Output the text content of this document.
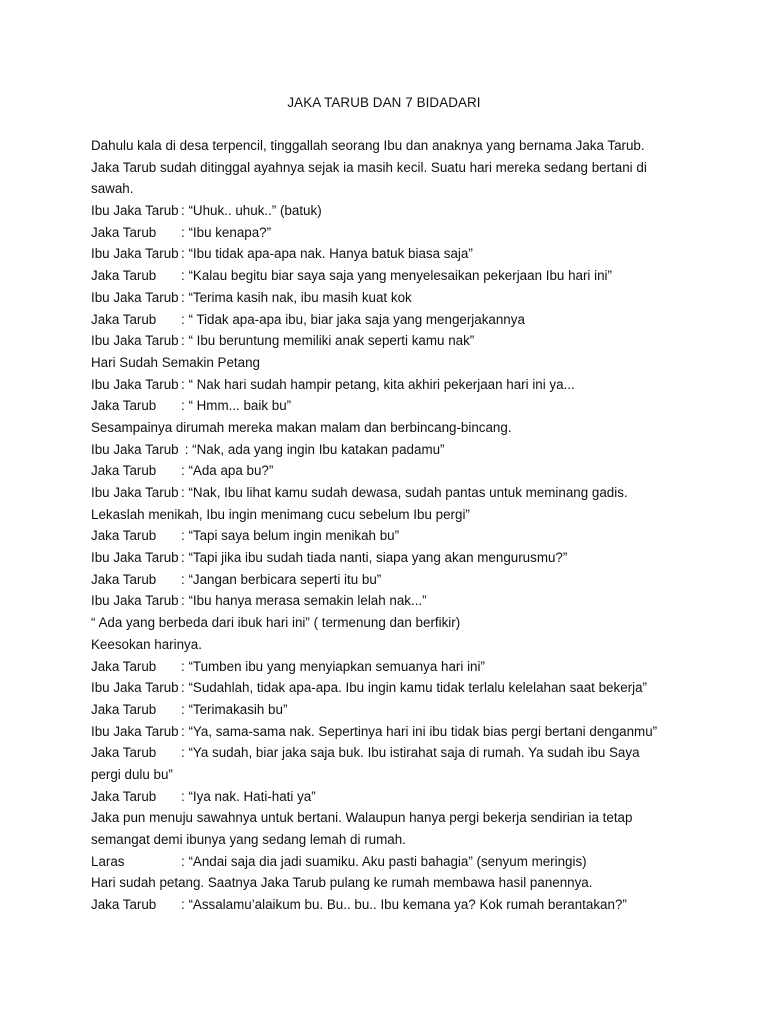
JAKA TARUB DAN 7 BIDADARI
Dahulu kala di desa terpencil, tinggallah seorang Ibu dan anaknya yang bernama Jaka Tarub.
Jaka Tarub sudah ditinggal ayahnya sejak ia masih kecil. Suatu hari mereka sedang bertani di
sawah.
Ibu Jaka Tarub : “Uhuk.. uhuk..” (batuk)
Jaka Tarub : “Ibu kenapa?”
Ibu Jaka Tarub : “Ibu tidak apa-apa nak. Hanya batuk biasa saja”
Jaka Tarub : “Kalau begitu biar saya saja yang menyelesaikan pekerjaan Ibu hari ini”
Ibu Jaka Tarub : “Terima kasih nak, ibu masih kuat kok
Jaka Tarub : “ Tidak apa-apa ibu, biar jaka saja yang mengerjakannya
Ibu Jaka Tarub : “ Ibu beruntung memiliki anak seperti kamu nak”
Hari Sudah Semakin Petang
Ibu Jaka Tarub : “ Nak hari sudah hampir petang, kita akhiri pekerjaan hari ini ya...
Jaka Tarub : “ Hmm... baik bu”
Sesampainya dirumah mereka makan malam dan berbincang-bincang.
Ibu Jaka Tarub : “Nak, ada yang ingin Ibu katakan padamu”
Jaka Tarub : “Ada apa bu?”
Ibu Jaka Tarub : “Nak, Ibu lihat kamu sudah dewasa, sudah pantas untuk meminang gadis.
Lekaslah menikah, Ibu ingin menimang cucu sebelum Ibu pergi”
Jaka Tarub : “Tapi saya belum ingin menikah bu”
Ibu Jaka Tarub : “Tapi jika ibu sudah tiada nanti, siapa yang akan mengurusmu?”
Jaka Tarub : “Jangan berbicara seperti itu bu”
Ibu Jaka Tarub : “Ibu hanya merasa semakin lelah nak...”
“ Ada yang berbeda dari ibuk hari ini” ( termenung dan berfikir)
Keesokan harinya.
Jaka Tarub : “Tumben ibu yang menyiapkan semuanya hari ini”
Ibu Jaka Tarub : “Sudahlah, tidak apa-apa. Ibu ingin kamu tidak terlalu kelelahan saat bekerja”
Jaka Tarub : “Terimakasih bu”
Ibu Jaka Tarub : “Ya, sama-sama nak. Sepertinya hari ini ibu tidak bias pergi bertani denganmu”
Jaka Tarub : “Ya sudah, biar jaka saja buk. Ibu istirahat saja di rumah. Ya sudah ibu Saya
pergi dulu bu”
Jaka Tarub : “Iya nak. Hati-hati ya”
Jaka pun menuju sawahnya untuk bertani. Walaupun hanya pergi bekerja sendirian ia tetap
semangat demi ibunya yang sedang lemah di rumah.
Laras	: “Andai saja dia jadi suamiku. Aku pasti bahagia” (senyum meringis)
Hari sudah petang. Saatnya Jaka Tarub pulang ke rumah membawa hasil panennya.
Jaka Tarub : “Assalamu’alaikum bu. Bu.. bu.. Ibu kemana ya? Kok rumah berantakan?”
